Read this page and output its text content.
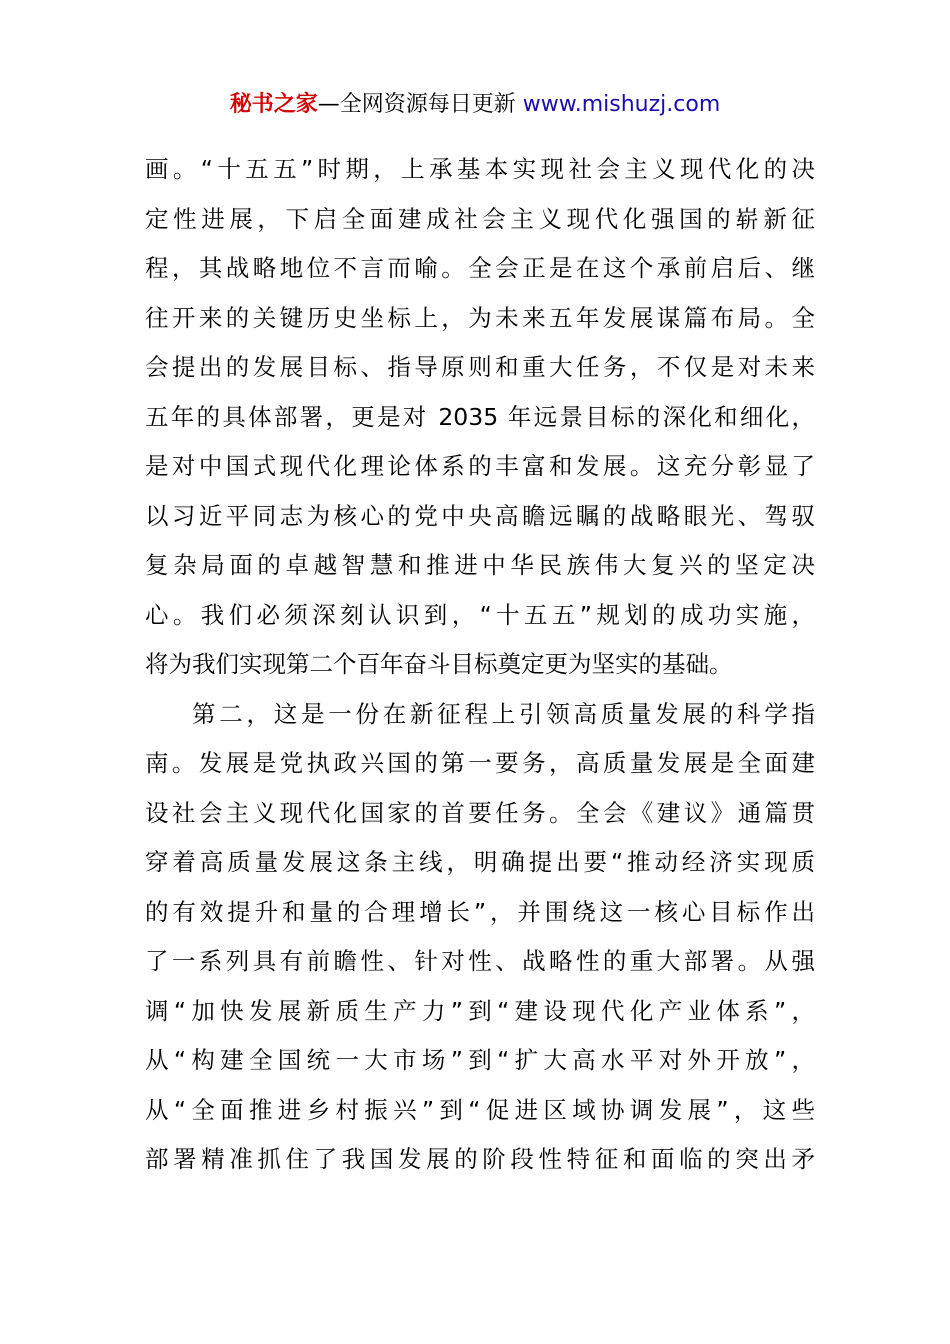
秘书之家—全网资源每日更新 www.mishuzj.com
画。“十五五”时期，上承基本实现社会主义现代化的决
定性进展，下启全面建成社会主义现代化强国的崭新征
程，其战略地位不言而喻。全会正是在这个承前启后、继
往开来的关键历史坐标上，为未来五年发展谋篇布局。全
会提出的发展目标、指导原则和重大任务，不仅是对未来
五年的具体部署，更是对 2035 年远景目标的深化和细化，
是对中国式现代化理论体系的丰富和发展。这充分彰显了
以习近平同志为核心的党中央高瞻远瞩的战略眼光、驾驭
复杂局面的卓越智慧和推进中华民族伟大复兴的坚定决
心。我们必须深刻认识到，“十五五”规划的成功实施，
将为我们实现第二个百年奋斗目标奠定更为坚实的基础。
第二，这是一份在新征程上引领高质量发展的科学指
南。发展是党执政兴国的第一要务，高质量发展是全面建
设社会主义现代化国家的首要任务。全会《建议》通篇贯
穿着高质量发展这条主线，明确提出要“推动经济实现质
的有效提升和量的合理增长”，并围绕这一核心目标作出
了一系列具有前瞻性、针对性、战略性的重大部署。从强
调“加快发展新质生产力”到“建设现代化产业体系”，
从“构建全国统一大市场”到“扩大高水平对外开放”，
从“全面推进乡村振兴”到“促进区域协调发展”，这些
部署精准抓住了我国发展的阶段性特征和面临的突出矛
